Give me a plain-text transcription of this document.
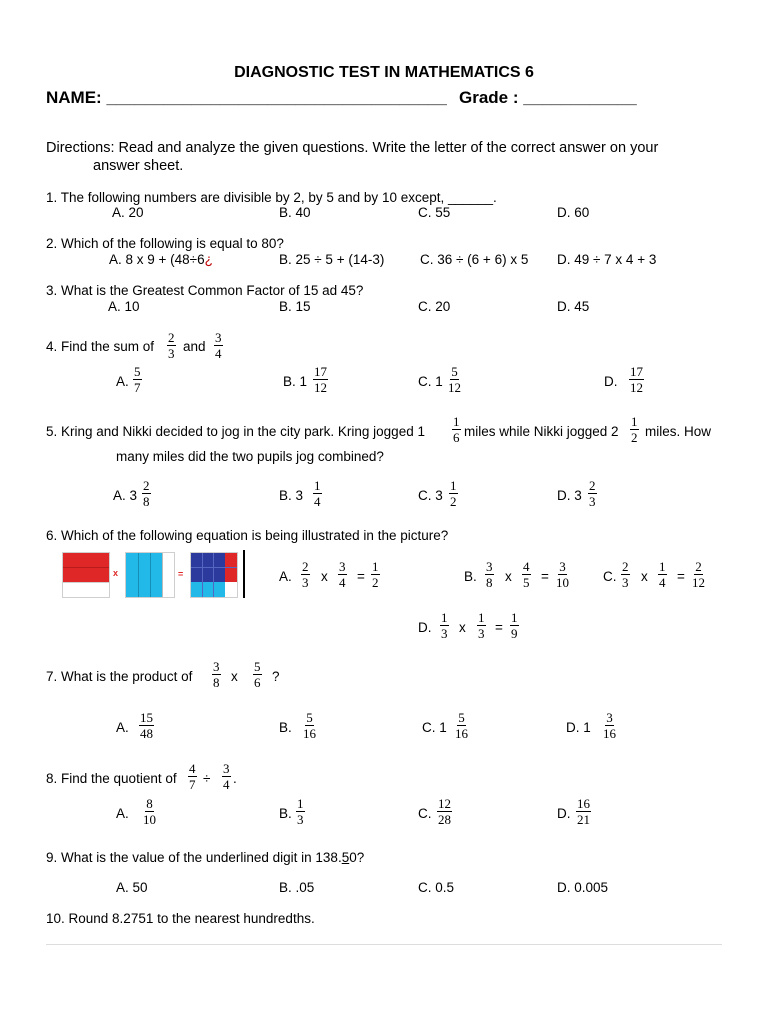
DIAGNOSTIC TEST IN MATHEMATICS 6
NAME: ____________________________________ Grade : ____________
Directions: Read and analyze the given questions. Write the letter of the correct answer on your
answer sheet.
1. The following numbers are divisible by 2, by 5 and by 10 except, ______.
A. 20	B. 40	C. 55	D. 60
2. Which of the following is equal to 80?
A. 8 x 9 + (48÷6¿	B. 25 ÷ 5 + (14-3)	C. 36 ÷ (6 + 6) x 5 D. 49 ÷ 7 x 4 + 3
3. What is the Greatest Common Factor of 15 ad 45?
A. 10	B. 15	C. 20	D. 45
4. Find the sum of $\frac{2}{3}$ and $\frac{3}{4}$
A. $\frac{5}{7}$	B. $1 \frac{17}{12}$	C. $1 \frac{5}{12}$	D. $\frac{17}{12}$
5. Kring and Nikki decided to jog in the city park. Kring jogged $1 \frac{1}{6}$ miles while Nikki jogged $2 \frac{1}{2}$ miles. How
many miles did the two pupils jog combined?
A. $3 \frac{2}{8}$	B. $3 \frac{1}{4}$	C. $3 \frac{1}{2}$	D. $3 \frac{2}{3}$
6. Which of the following equation is being illustrated in the picture?
x	=	A. $\frac{2}{3}$ x $\frac{3}{4} = \frac{1}{2}$	B. $\frac{3}{8}$ x $\frac{4}{5} = \frac{3}{10}$	C. $\frac{2}{3}$ x $\frac{1}{4} = \frac{2}{12}$
D. $\frac{1}{3}$ x $\frac{1}{3} = \frac{1}{9}$
7. What is the product of $\frac{3}{8}$ x $\frac{5}{6}$ ?
A. $\frac{15}{48}$	B. $\frac{5}{16}$	C. $1 \frac{5}{16}$	D. $1 \frac{3}{16}$
8. Find the quotient of $\frac{4}{7} \div \frac{3}{4}$ .
A. $\frac{8}{10}$	B. $\frac{1}{3}$	C. $\frac{12}{28}$	D. $\frac{16}{21}$
9. What is the value of the underlined digit in 138.50?
A. 50	B. .05	C. 0.5	D. 0.005
10. Round 8.2751 to the nearest hundredths.
